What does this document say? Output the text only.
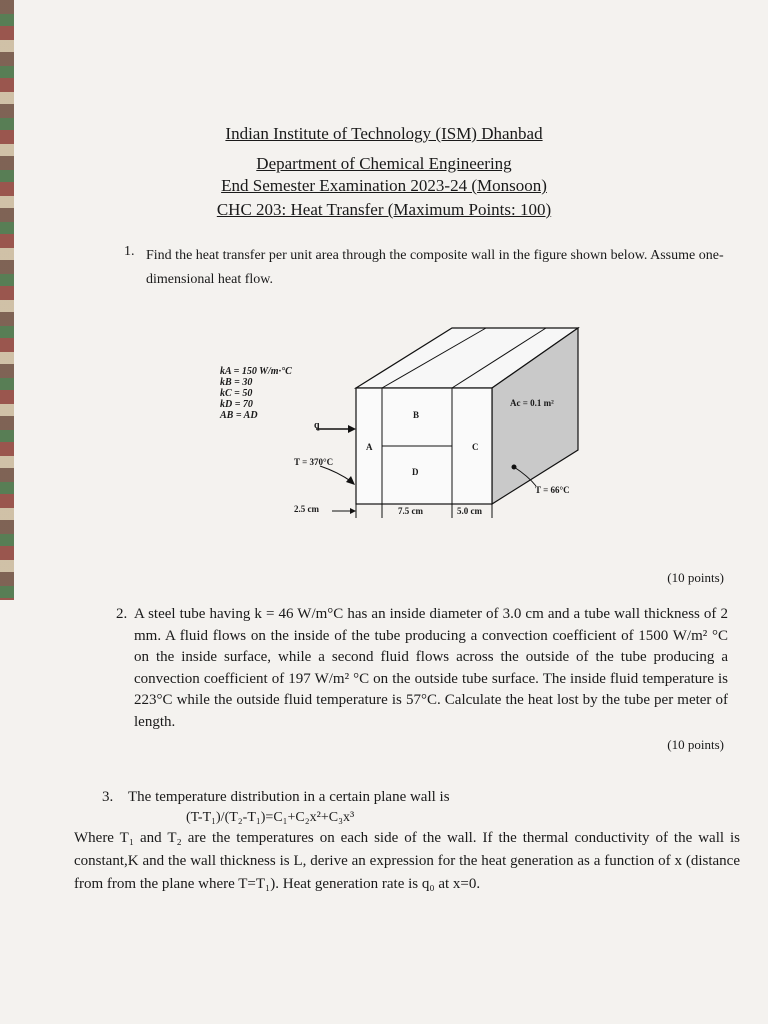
Indian Institute of Technology (ISM) Dhanbad
Department of Chemical Engineering
End Semester Examination 2023-24 (Monsoon)
CHC 203: Heat Transfer (Maximum Points: 100)
1. Find the heat transfer per unit area through the composite wall in the figure shown below. Assume one-dimensional heat flow.
kA = 150 W/m·°C
kB = 30
kC = 50
kD = 70
AB = AD
q
A
B
C
D
T = 370°C
T = 66°C
Ac = 0.1 m²
2.5 cm	7.5 cm	5.0 cm
(10 points)
2. A steel tube having k = 46 W/m°C has an inside diameter of 3.0 cm and a tube wall thickness of 2 mm. A fluid flows on the inside of the tube producing a convection coefficient of 1500 W/m² °C on the inside surface, while a second fluid flows across the outside of the tube producing a convection coefficient of 197 W/m² °C on the outside tube surface. The inside fluid temperature is 223°C while the outside fluid temperature is 57°C. Calculate the heat lost by the tube per meter of length.
(10 points)
3. The temperature distribution in a certain plane wall is
(T-T₁)/(T₂-T₁)=C₁+C₂x²+C₃x³
Where T₁ and T₂ are the temperatures on each side of the wall. If the thermal conductivity of the wall is constant,K and the wall thickness is L, derive an expression for the heat generation as a function of x (distance from from the plane where T=T₁). Heat generation rate is q₀ at x=0.
